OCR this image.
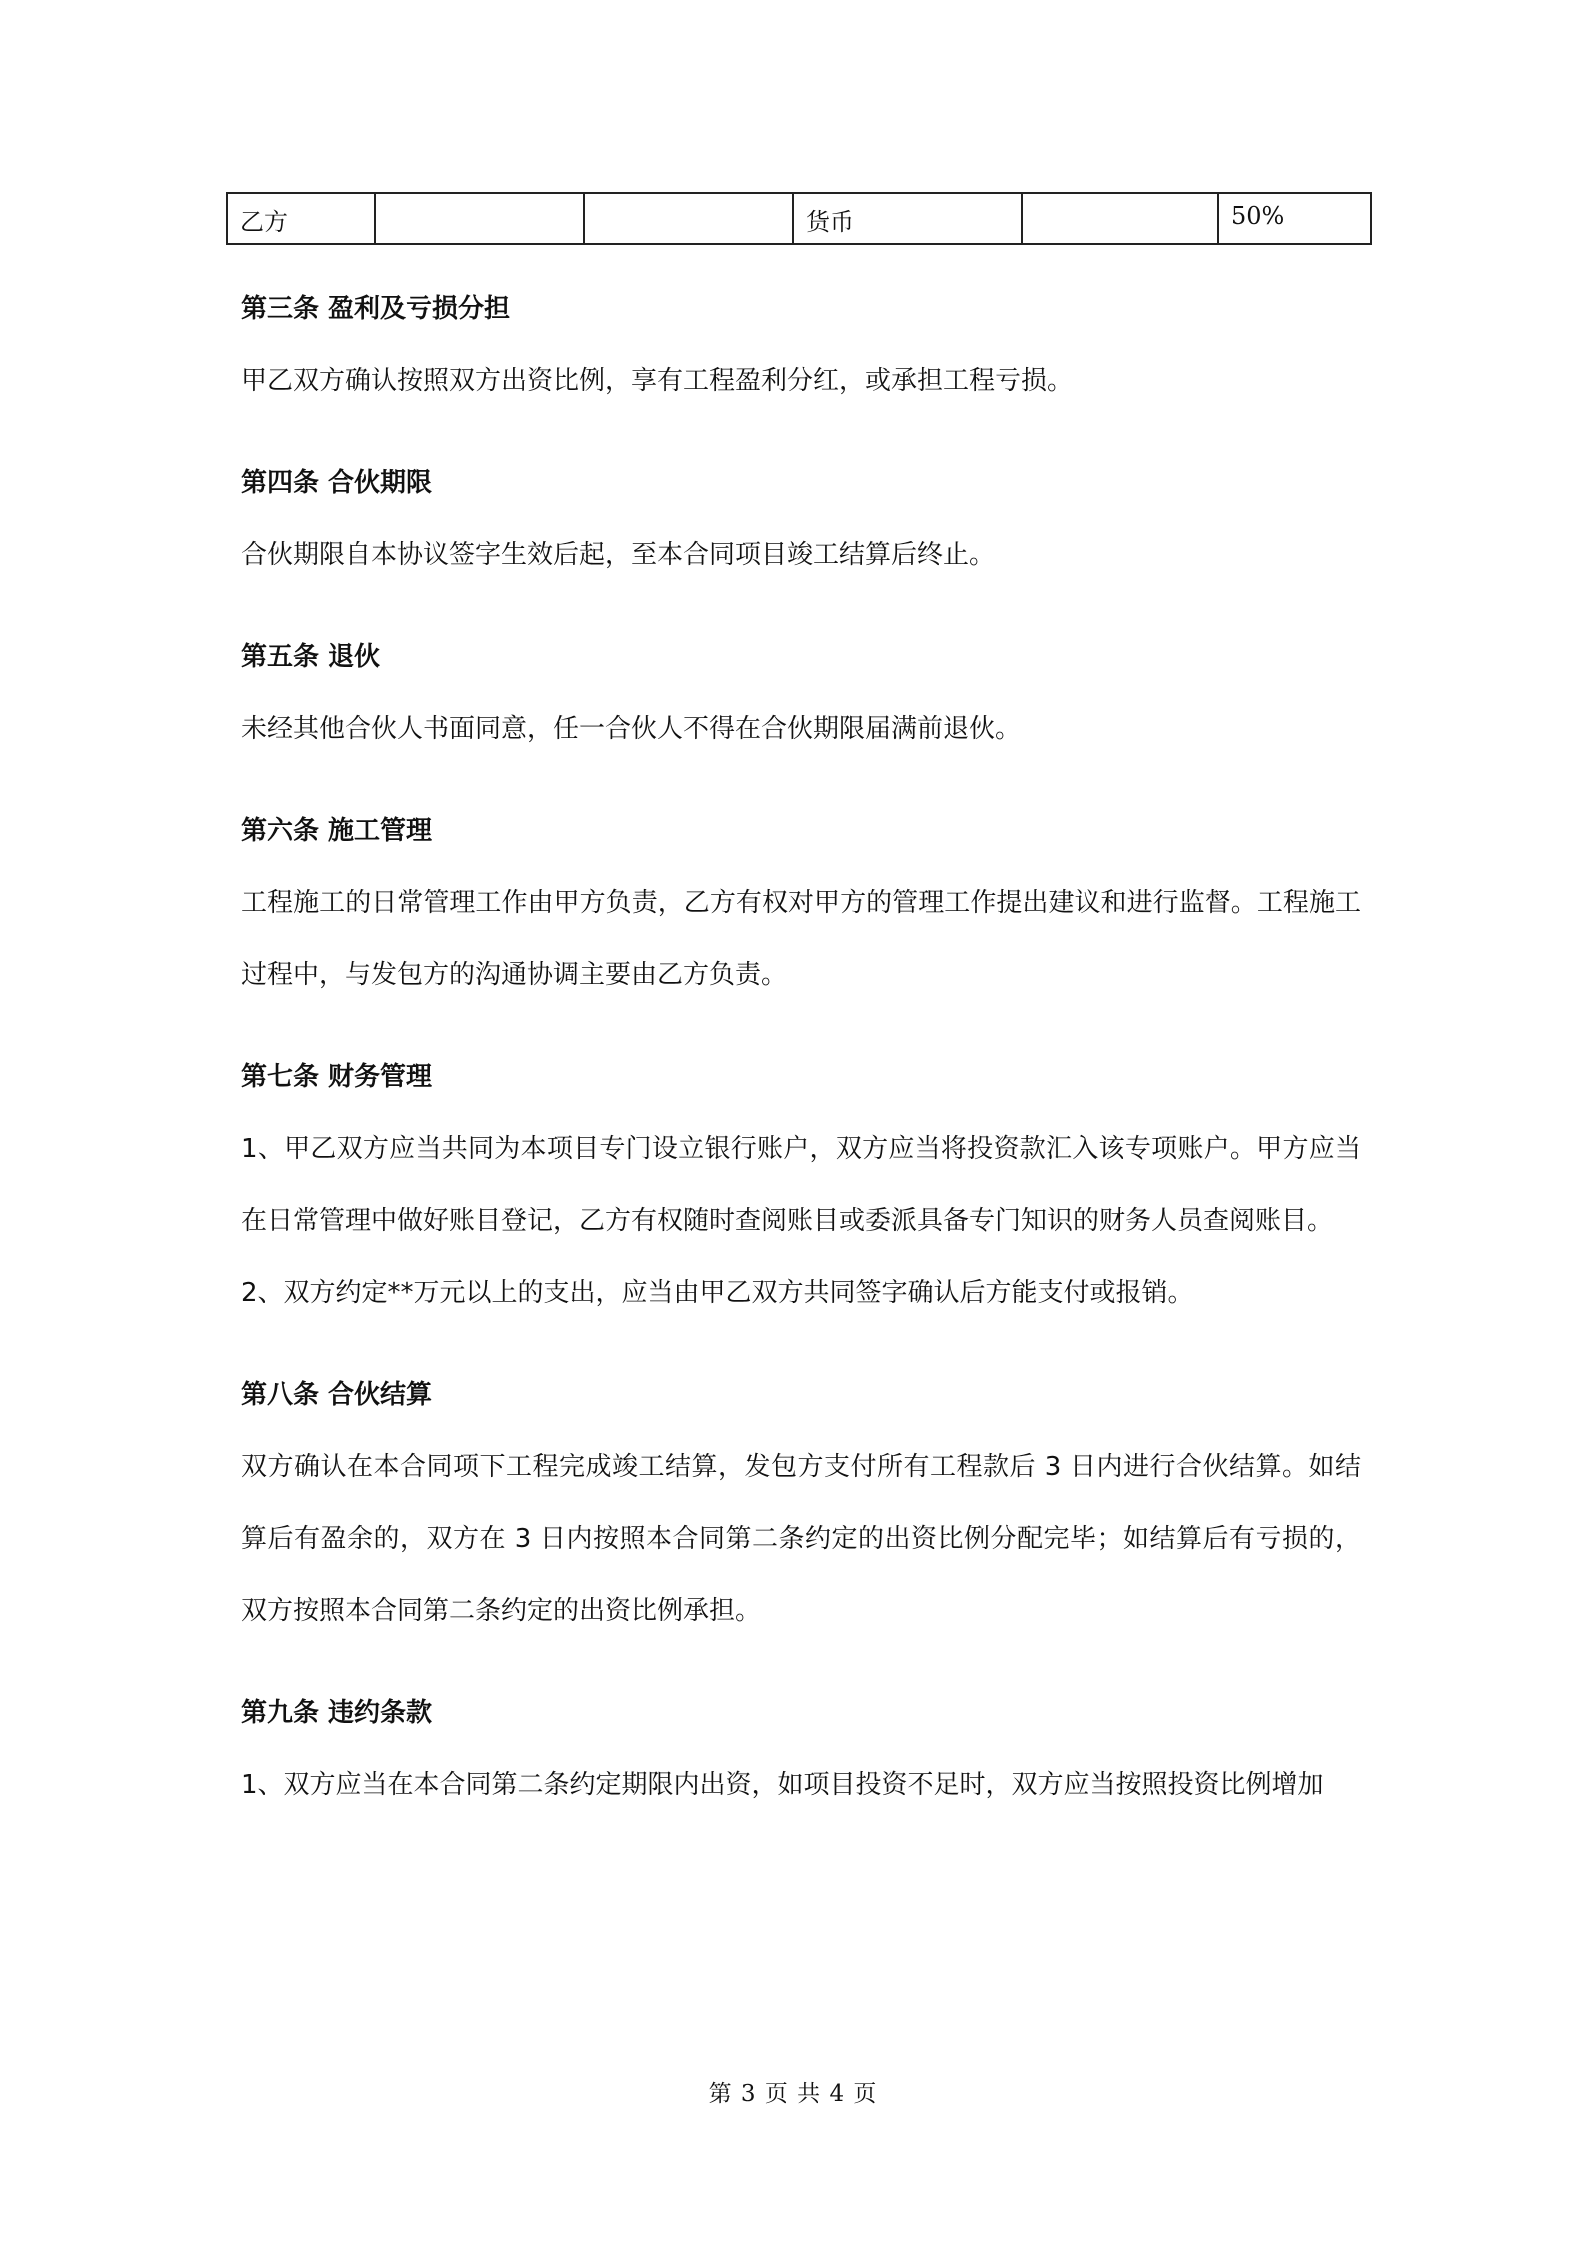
乙方			货币		50%

第三条 盈利及亏损分担

甲乙双方确认按照双方出资比例，享有工程盈利分红，或承担工程亏损。

第四条 合伙期限

合伙期限自本协议签字生效后起，至本合同项目竣工结算后终止。

第五条 退伙

未经其他合伙人书面同意，任一合伙人不得在合伙期限届满前退伙。

第六条 施工管理

工程施工的日常管理工作由甲方负责，乙方有权对甲方的管理工作提出建议和进行监督。工程施工过程中，与发包方的沟通协调主要由乙方负责。

第七条 财务管理

1、甲乙双方应当共同为本项目专门设立银行账户，双方应当将投资款汇入该专项账户。甲方应当在日常管理中做好账目登记，乙方有权随时查阅账目或委派具备专门知识的财务人员查阅账目。

2、双方约定**万元以上的支出，应当由甲乙双方共同签字确认后方能支付或报销。

第八条 合伙结算

双方确认在本合同项下工程完成竣工结算，发包方支付所有工程款后 3 日内进行合伙结算。如结算后有盈余的，双方在 3 日内按照本合同第二条约定的出资比例分配完毕；如结算后有亏损的，双方按照本合同第二条约定的出资比例承担。

第九条 违约条款

1、双方应当在本合同第二条约定期限内出资，如项目投资不足时，双方应当按照投资比例增加

第 3 页 共 4 页
